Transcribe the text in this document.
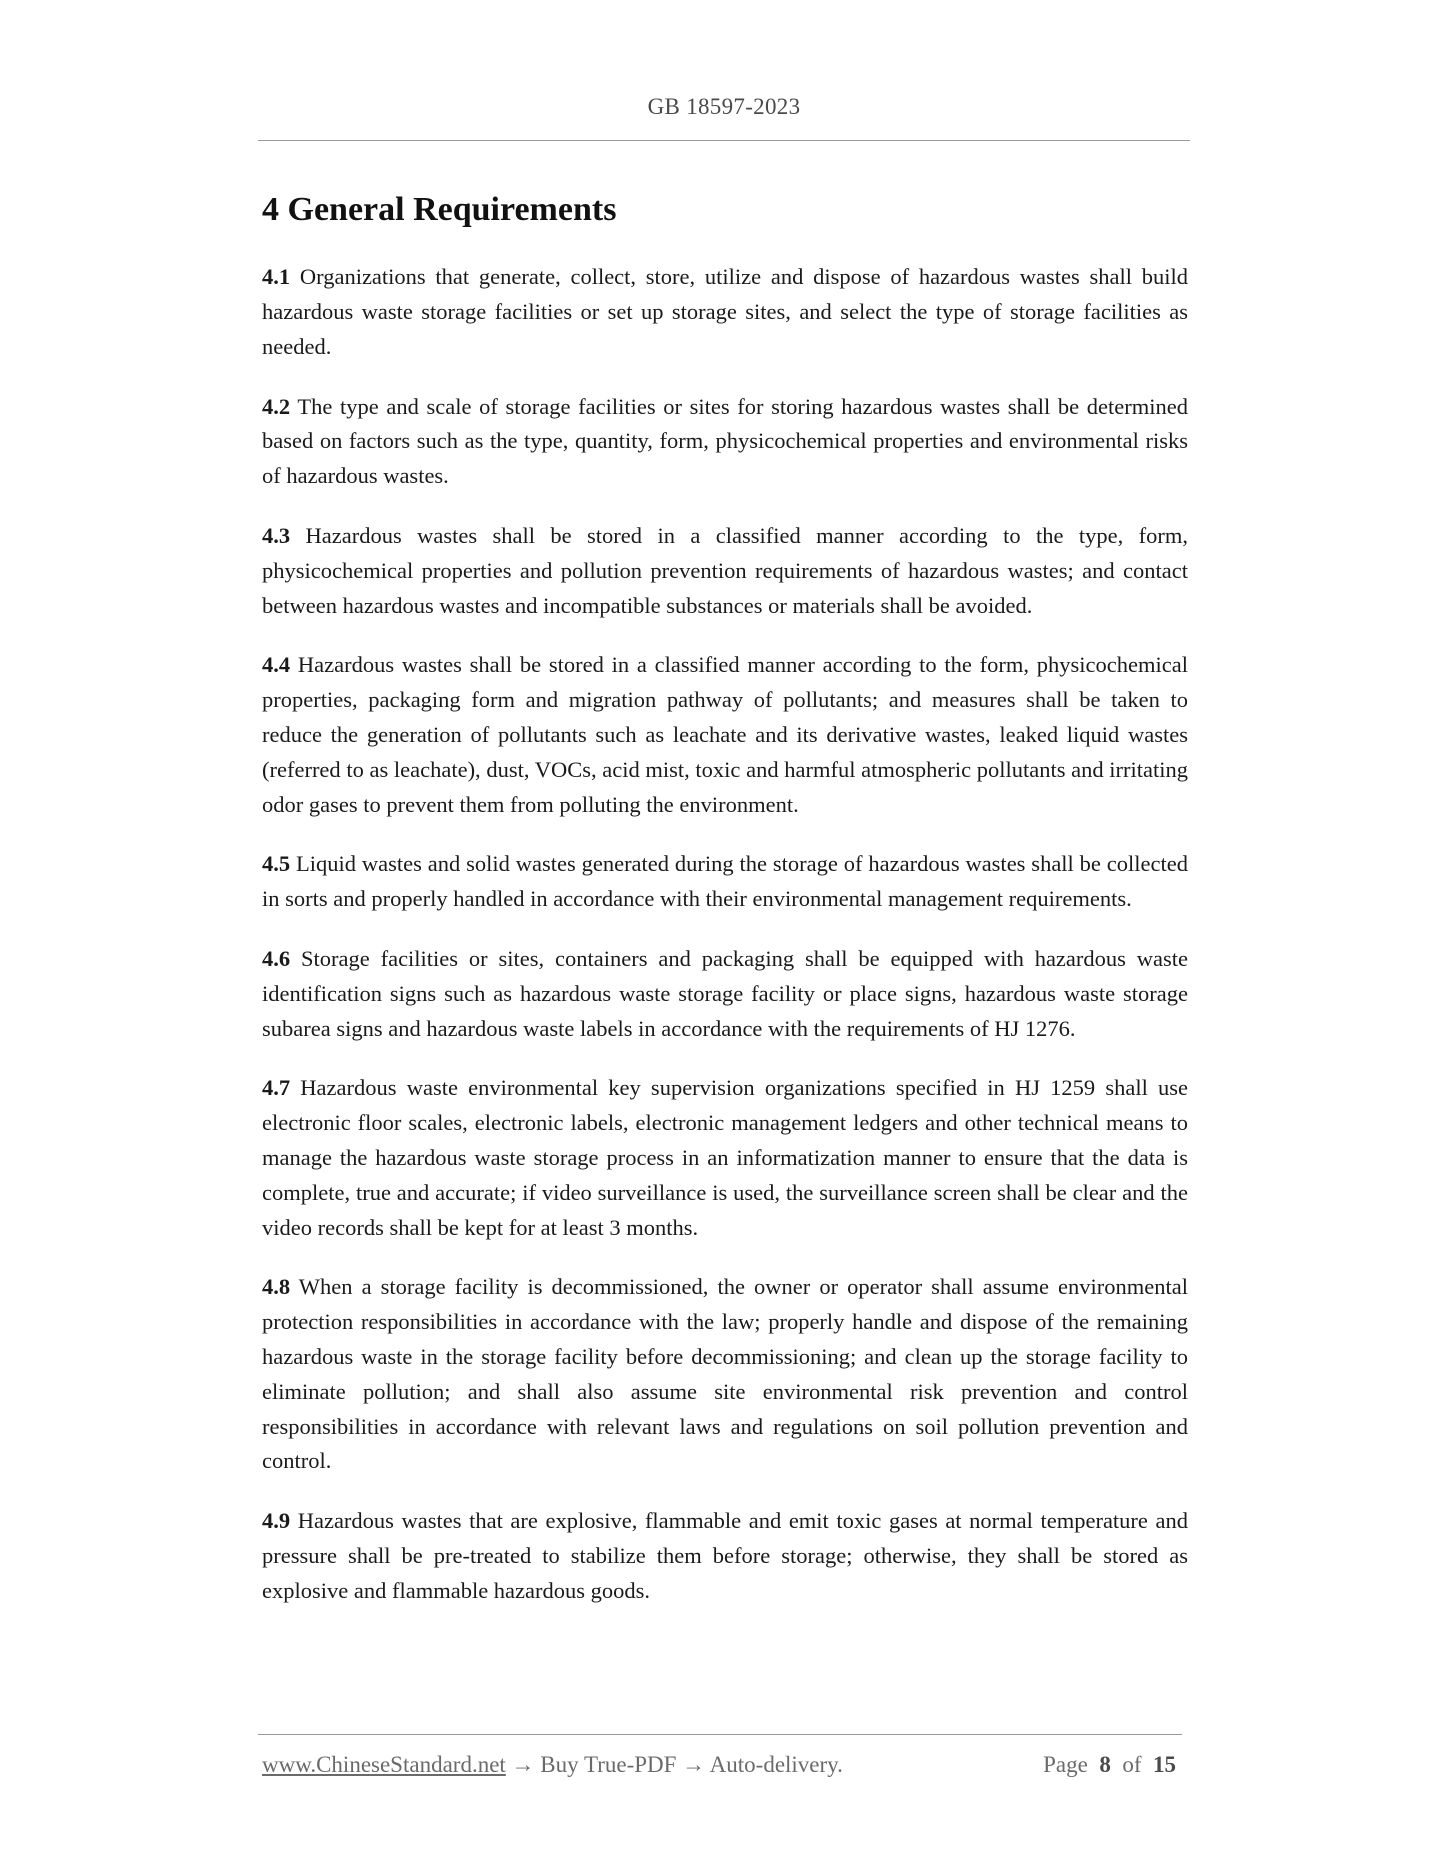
GB 18597-2023
4 General Requirements

4.1 Organizations that generate, collect, store, utilize and dispose of hazardous wastes shall build hazardous waste storage facilities or set up storage sites, and select the type of storage facilities as needed.

4.2 The type and scale of storage facilities or sites for storing hazardous wastes shall be determined based on factors such as the type, quantity, form, physicochemical properties and environmental risks of hazardous wastes.

4.3 Hazardous wastes shall be stored in a classified manner according to the type, form, physicochemical properties and pollution prevention requirements of hazardous wastes; and contact between hazardous wastes and incompatible substances or materials shall be avoided.

4.4 Hazardous wastes shall be stored in a classified manner according to the form, physicochemical properties, packaging form and migration pathway of pollutants; and measures shall be taken to reduce the generation of pollutants such as leachate and its derivative wastes, leaked liquid wastes (referred to as leachate), dust, VOCs, acid mist, toxic and harmful atmospheric pollutants and irritating odor gases to prevent them from polluting the environment.

4.5 Liquid wastes and solid wastes generated during the storage of hazardous wastes shall be collected in sorts and properly handled in accordance with their environmental management requirements.

4.6 Storage facilities or sites, containers and packaging shall be equipped with hazardous waste identification signs such as hazardous waste storage facility or place signs, hazardous waste storage subarea signs and hazardous waste labels in accordance with the requirements of HJ 1276.

4.7 Hazardous waste environmental key supervision organizations specified in HJ 1259 shall use electronic floor scales, electronic labels, electronic management ledgers and other technical means to manage the hazardous waste storage process in an informatization manner to ensure that the data is complete, true and accurate; if video surveillance is used, the surveillance screen shall be clear and the video records shall be kept for at least 3 months.

4.8 When a storage facility is decommissioned, the owner or operator shall assume environmental protection responsibilities in accordance with the law; properly handle and dispose of the remaining hazardous waste in the storage facility before decommissioning; and clean up the storage facility to eliminate pollution; and shall also assume site environmental risk prevention and control responsibilities in accordance with relevant laws and regulations on soil pollution prevention and control.

4.9 Hazardous wastes that are explosive, flammable and emit toxic gases at normal temperature and pressure shall be pre-treated to stabilize them before storage; otherwise, they shall be stored as explosive and flammable hazardous goods.

www.ChineseStandard.net → Buy True-PDF → Auto-delivery.	Page 8 of 15
